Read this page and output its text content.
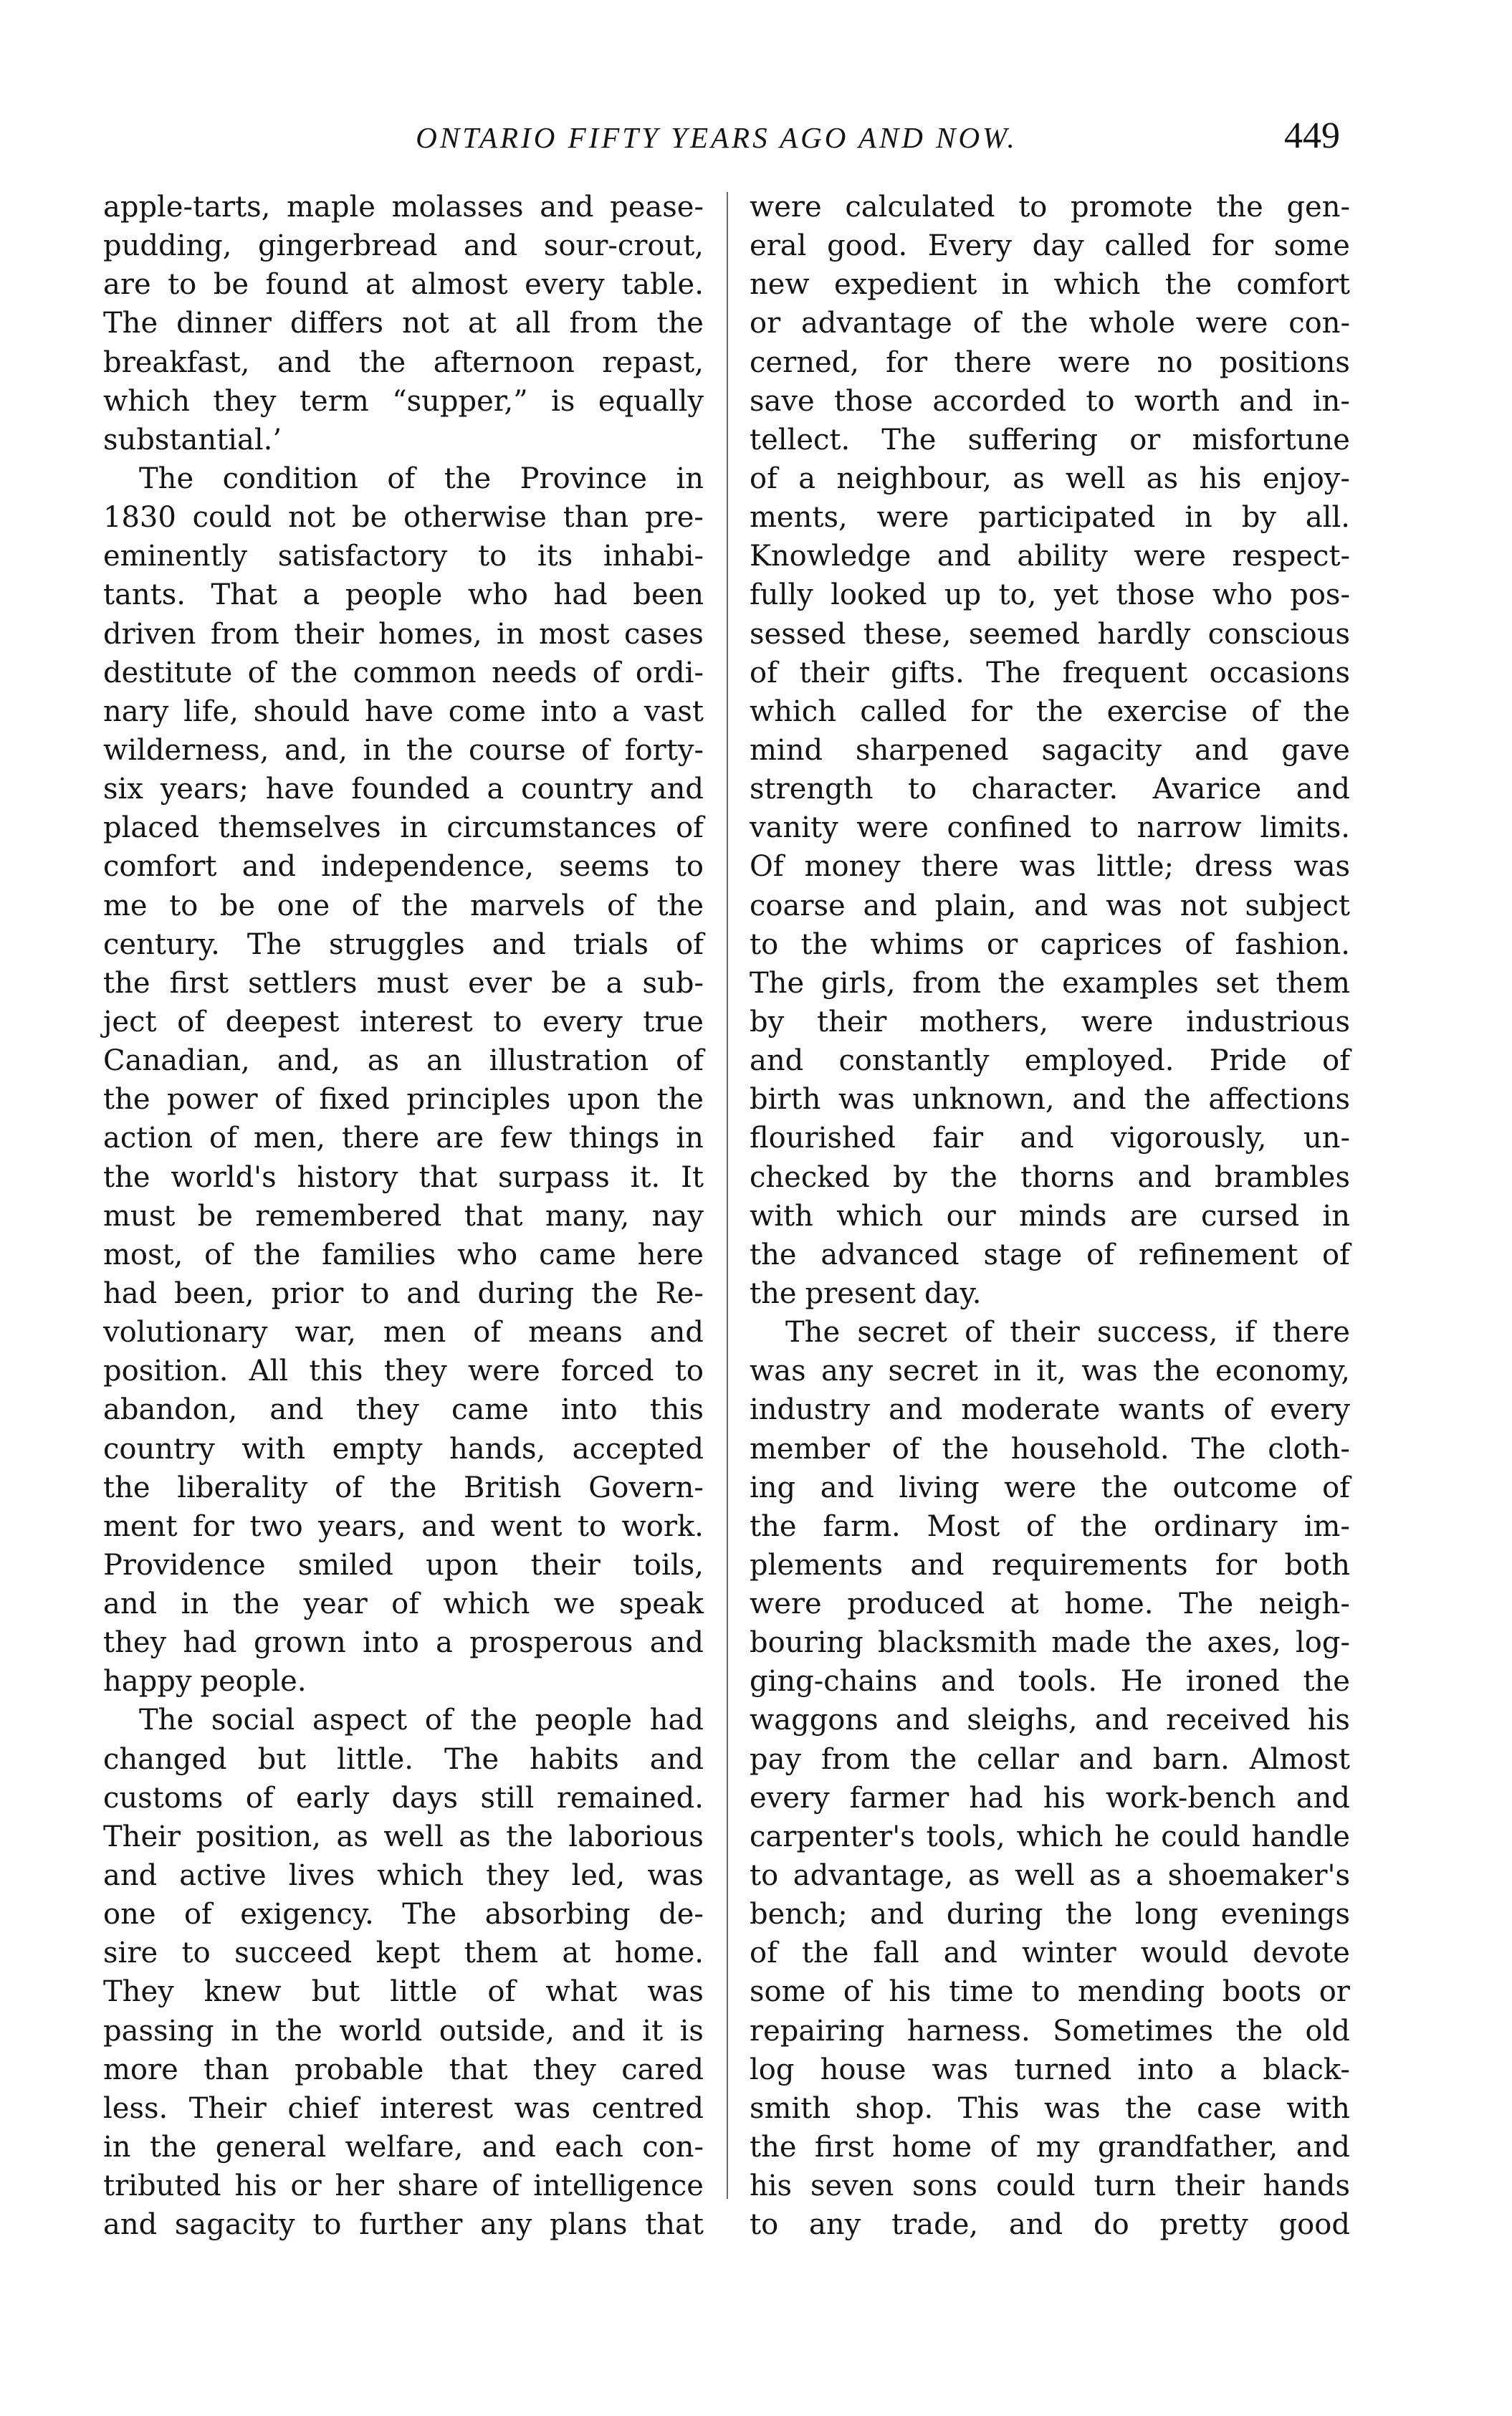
ONTARIO FIFTY YEARS AGO AND NOW.	449
apple-tarts, maple molasses and pease-
pudding, gingerbread and sour-crout,
are to be found at almost every table.
The dinner differs not at all from the
breakfast, and the afternoon repast,
which they term “supper,” is equally
substantial.’
The condition of the Province in
1830 could not be otherwise than pre-
eminently satisfactory to its inhabi-
tants. That a people who had been
driven from their homes, in most cases
destitute of the common needs of ordi-
nary life, should have come into a vast
wilderness, and, in the course of forty-
six years; have founded a country and
placed themselves in circumstances of
comfort and independence, seems to
me to be one of the marvels of the
century. The struggles and trials of
the first settlers must ever be a sub-
ject of deepest interest to every true
Canadian, and, as an illustration of
the power of fixed principles upon the
action of men, there are few things in
the world's history that surpass it. It
must be remembered that many, nay
most, of the families who came here
had been, prior to and during the Re-
volutionary war, men of means and
position. All this they were forced to
abandon, and they came into this
country with empty hands, accepted
the liberality of the British Govern-
ment for two years, and went to work.
Providence smiled upon their toils,
and in the year of which we speak
they had grown into a prosperous and
happy people.
The social aspect of the people had
changed but little. The habits and
customs of early days still remained.
Their position, as well as the laborious
and active lives which they led, was
one of exigency. The absorbing de-
sire to succeed kept them at home.
They knew but little of what was
passing in the world outside, and it is
more than probable that they cared
less. Their chief interest was centred
in the general welfare, and each con-
tributed his or her share of intelligence
and sagacity to further any plans that
were calculated to promote the gen-
eral good. Every day called for some
new expedient in which the comfort
or advantage of the whole were con-
cerned, for there were no positions
save those accorded to worth and in-
tellect. The suffering or misfortune
of a neighbour, as well as his enjoy-
ments, were participated in by all.
Knowledge and ability were respect-
fully looked up to, yet those who pos-
sessed these, seemed hardly conscious
of their gifts. The frequent occasions
which called for the exercise of the
mind sharpened sagacity and gave
strength to character. Avarice and
vanity were confined to narrow limits.
Of money there was little; dress was
coarse and plain, and was not subject
to the whims or caprices of fashion.
The girls, from the examples set them
by their mothers, were industrious
and constantly employed. Pride of
birth was unknown, and the affections
flourished fair and vigorously, un-
checked by the thorns and brambles
with which our minds are cursed in
the advanced stage of refinement of
the present day.
The secret of their success, if there
was any secret in it, was the economy,
industry and moderate wants of every
member of the household. The cloth-
ing and living were the outcome of
the farm. Most of the ordinary im-
plements and requirements for both
were produced at home. The neigh-
bouring blacksmith made the axes, log-
ging-chains and tools. He ironed the
waggons and sleighs, and received his
pay from the cellar and barn. Almost
every farmer had his work-bench and
carpenter's tools, which he could handle
to advantage, as well as a shoemaker's
bench; and during the long evenings
of the fall and winter would devote
some of his time to mending boots or
repairing harness. Sometimes the old
log house was turned into a black-
smith shop. This was the case with
the first home of my grandfather, and
his seven sons could turn their hands
to any trade, and do pretty good
